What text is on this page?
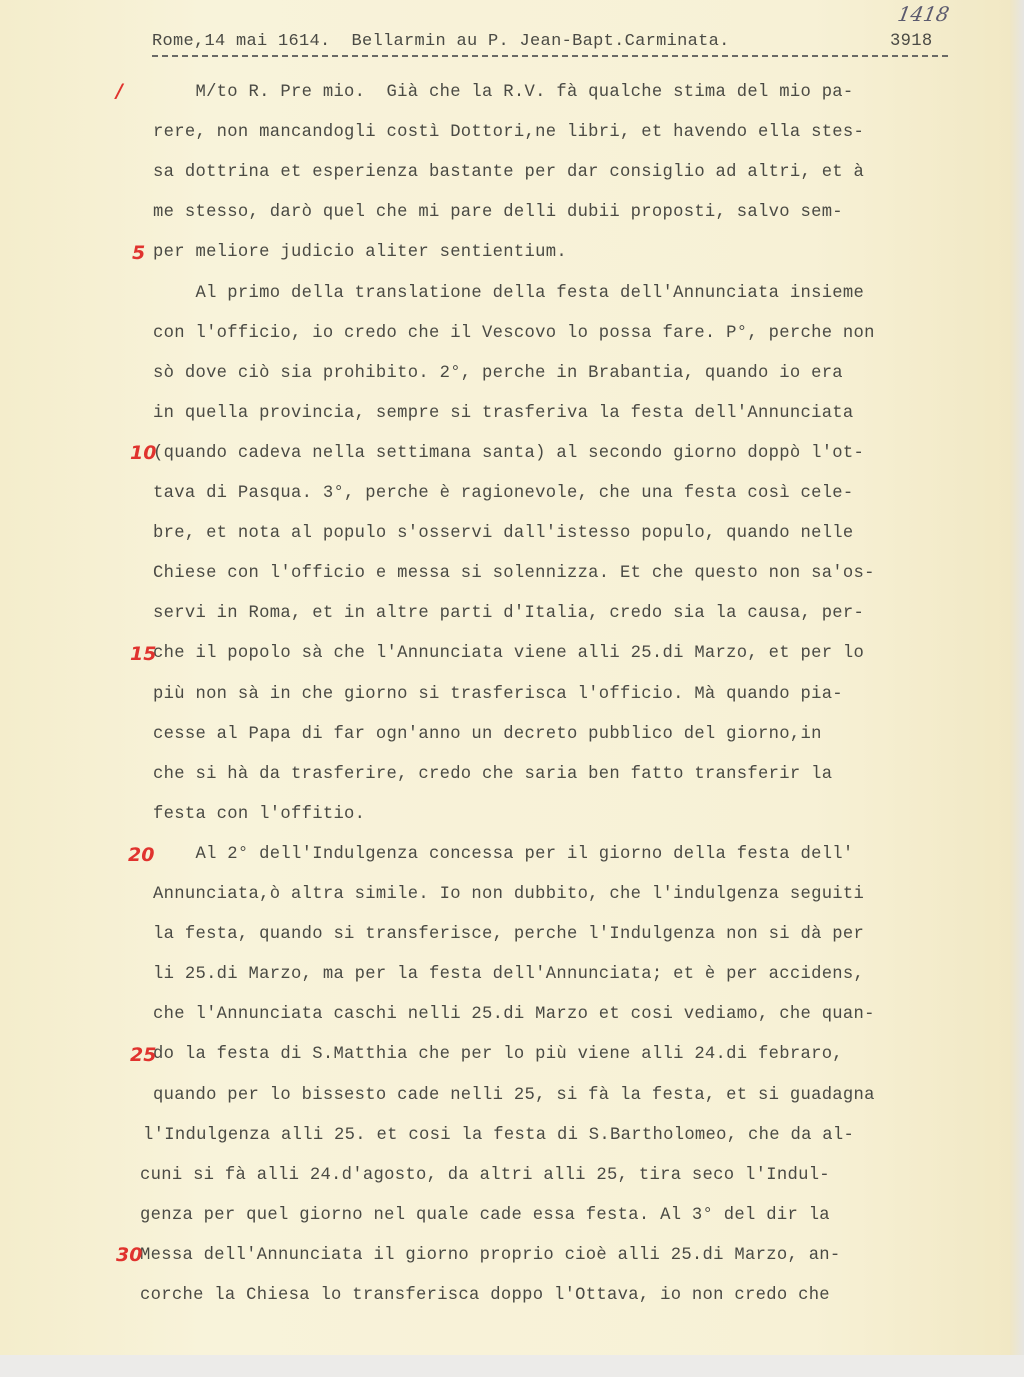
Rome,14 mai 1614.  Bellarmin au P. Jean-Bapt.Carminata.	3918
1418
M/to R. Pre mio.  Già che la R.V. fà qualche stima del mio pa-
rere, non mancandogli costì Dottori,ne libri, et havendo ella stes-
sa dottrina et esperienza bastante per dar consiglio ad altri, et à
me stesso, darò quel che mi pare delli dubii proposti, salvo sem-
per meliore judicio aliter sentientium.
Al primo della translatione della festa dell'Annunciata insieme
con l'officio, io credo che il Vescovo lo possa fare. P°, perche non
sò dove ciò sia prohibito. 2°, perche in Brabantia, quando io era
in quella provincia, sempre si trasferiva la festa dell'Annunciata
(quando cadeva nella settimana santa) al secondo giorno doppò l'ot-
tava di Pasqua. 3°, perche è ragionevole, che una festa così cele-
bre, et nota al populo s'osservi dall'istesso populo, quando nelle
Chiese con l'officio e messa si solennizza. Et che questo non sa'os-
servi in Roma, et in altre parti d'Italia, credo sia la causa, per-
che il popolo sà che l'Annunciata viene alli 25.di Marzo, et per lo
più non sà in che giorno si trasferisca l'officio. Mà quando pia-
cesse al Papa di far ogn'anno un decreto pubblico del giorno,in
che si hà da trasferire, credo che saria ben fatto transferir la
festa con l'offitio.
Al 2° dell'Indulgenza concessa per il giorno della festa dell'
Annunciata,ò altra simile. Io non dubbito, che l'indulgenza seguiti
la festa, quando si transferisce, perche l'Indulgenza non si dà per
li 25.di Marzo, ma per la festa dell'Annunciata; et è per accidens,
che l'Annunciata caschi nelli 25.di Marzo et cosi vediamo, che quan-
do la festa di S.Matthia che per lo più viene alli 24.di febraro,
quando per lo bissesto cade nelli 25, si fà la festa, et si guadagna
l'Indulgenza alli 25. et cosi la festa di S.Bartholomeo, che da al-
cuni si fà alli 24.d'agosto, da altri alli 25, tira seco l'Indul-
genza per quel giorno nel quale cade essa festa. Al 3° del dir la
Messa dell'Annunciata il giorno proprio cioè alli 25.di Marzo, an-
corche la Chiesa lo transferisca doppo l'Ottava, io non credo che
/
5
10
15
20
25
30
